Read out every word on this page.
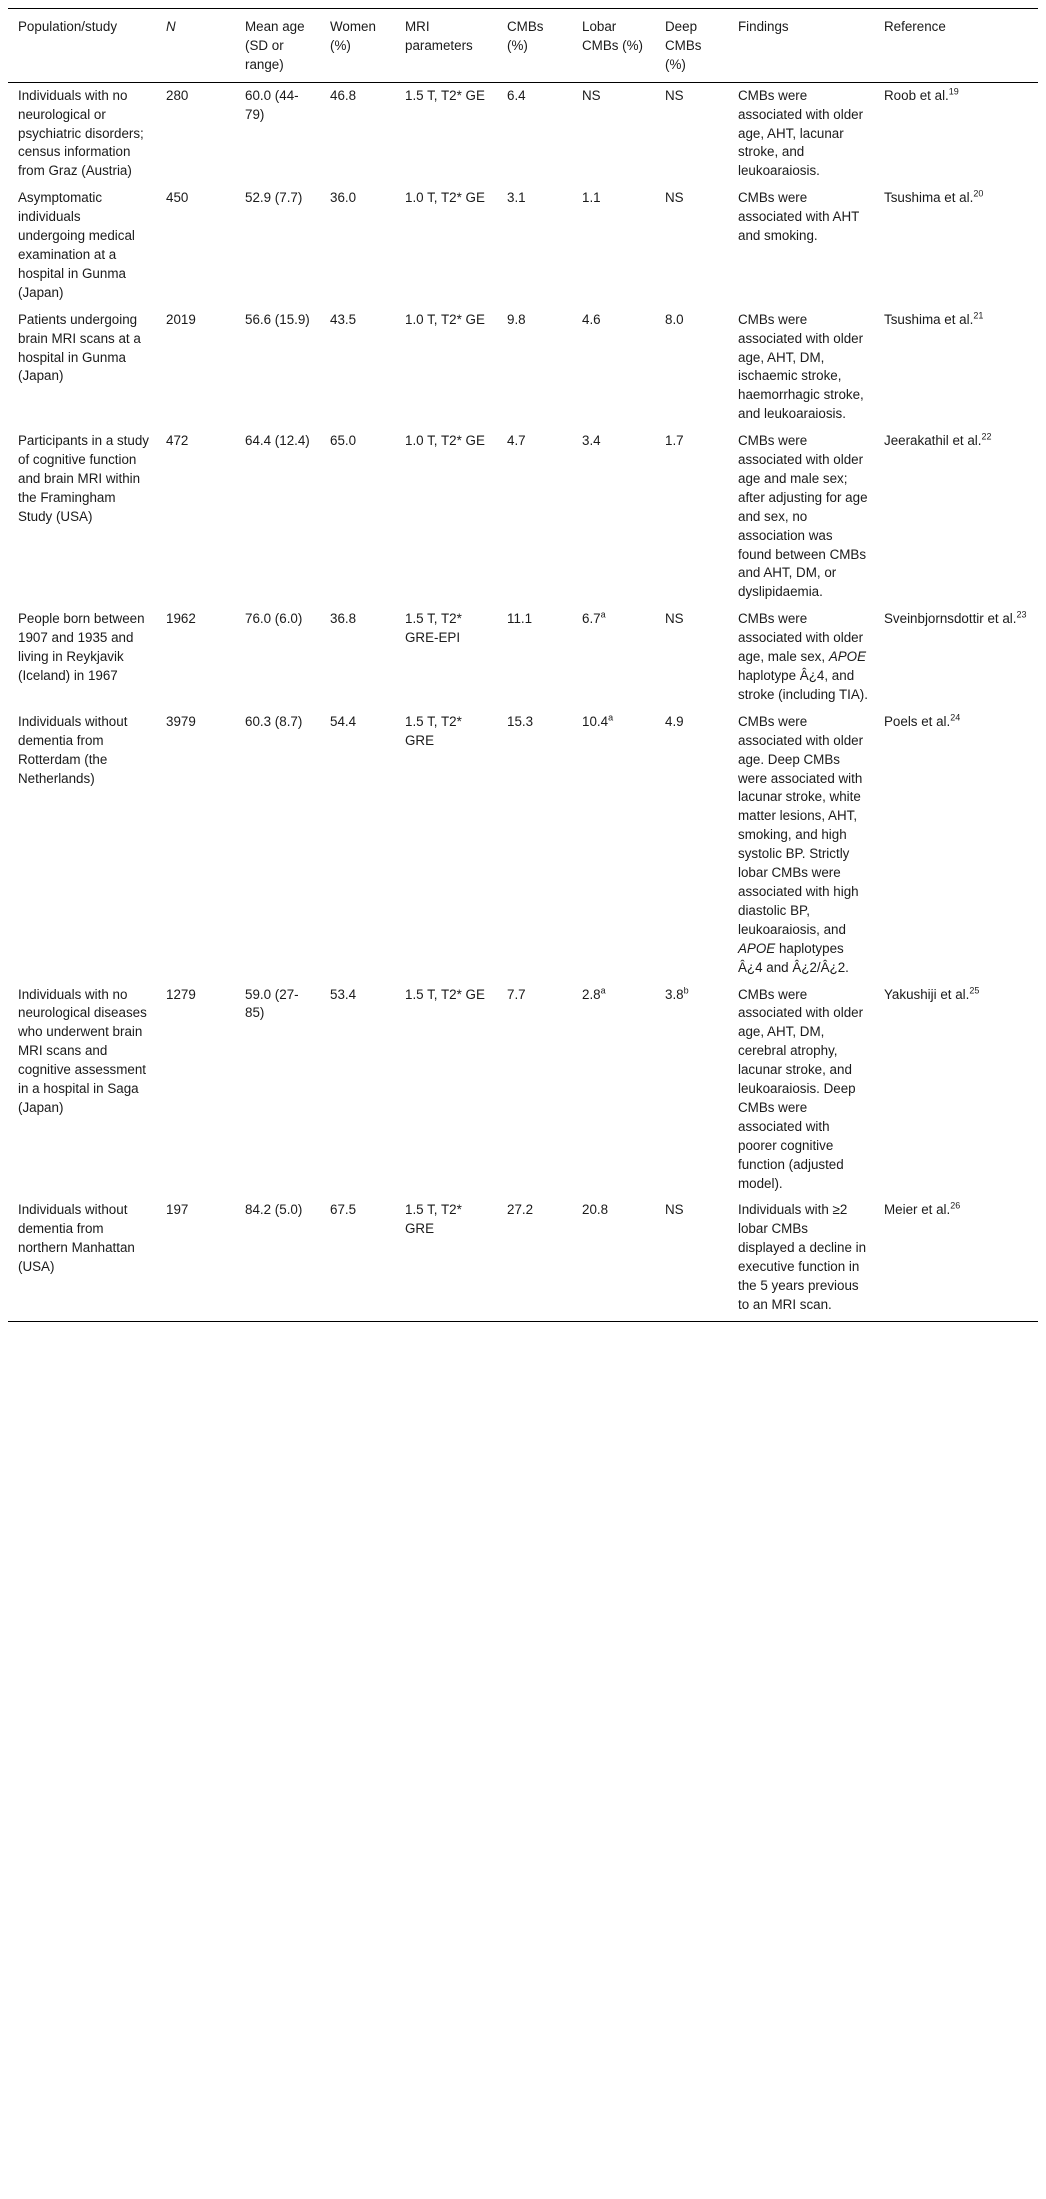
Population/study	N	Mean age (SD or range)	Women (%)	MRI parameters	CMBs (%)	Lobar CMBs (%)	Deep CMBs (%)	Findings	Reference
Individuals with no neurological or psychiatric disorders; census information from Graz (Austria)	280	60.0 (44-79)	46.8	1.5 T, T2* GE	6.4	NS	NS	CMBs were associated with older age, AHT, lacunar stroke, and leukoaraiosis.	Roob et al.$^{19}$
Asymptomatic individuals undergoing medical examination at a hospital in Gunma (Japan)	450	52.9 (7.7)	36.0	1.0 T, T2* GE	3.1	1.1	NS	CMBs were associated with AHT and smoking.	Tsushima et al.$^{20}$
Patients undergoing brain MRI scans at a hospital in Gunma (Japan)	2019	56.6 (15.9)	43.5	1.0 T, T2* GE	9.8	4.6	8.0	CMBs were associated with older age, AHT, DM, ischaemic stroke, haemorrhagic stroke, and leukoaraiosis.	Tsushima et al.$^{21}$
Participants in a study of cognitive function and brain MRI within the Framingham Study (USA)	472	64.4 (12.4)	65.0	1.0 T, T2* GE	4.7	3.4	1.7	CMBs were associated with older age and male sex; after adjusting for age and sex, no association was found between CMBs and AHT, DM, or dyslipidaemia.	Jeerakathil et al.$^{22}$
People born between 1907 and 1935 and living in Reykjavik (Iceland) in 1967	1962	76.0 (6.0)	36.8	1.5 T, T2* GRE-EPI	11.1	6.7$^a$	NS	CMBs were associated with older age, male sex, APOE haplotype Â¿4, and stroke (including TIA).	Sveinbjornsdottir et al.$^{23}$
Individuals without dementia from Rotterdam (the Netherlands)	3979	60.3 (8.7)	54.4	1.5 T, T2* GRE	15.3	10.4$^a$	4.9	CMBs were associated with older age. Deep CMBs were associated with lacunar stroke, white matter lesions, AHT, smoking, and high systolic BP. Strictly lobar CMBs were associated with high diastolic BP, leukoaraiosis, and APOE haplotypes Â¿4 and Â¿2/Â¿2.	Poels et al.$^{24}$
Individuals with no neurological diseases who underwent brain MRI scans and cognitive assessment in a hospital in Saga (Japan)	1279	59.0 (27-85)	53.4	1.5 T, T2* GE	7.7	2.8$^a$	3.8$^b$	CMBs were associated with older age, AHT, DM, cerebral atrophy, lacunar stroke, and leukoaraiosis. Deep CMBs were associated with poorer cognitive function (adjusted model).	Yakushiji et al.$^{25}$
Individuals without dementia from northern Manhattan (USA)	197	84.2 (5.0)	67.5	1.5 T, T2* GRE	27.2	20.8	NS	Individuals with ≥2 lobar CMBs displayed a decline in executive function in the 5 years previous to an MRI scan.	Meier et al.$^{26}$
